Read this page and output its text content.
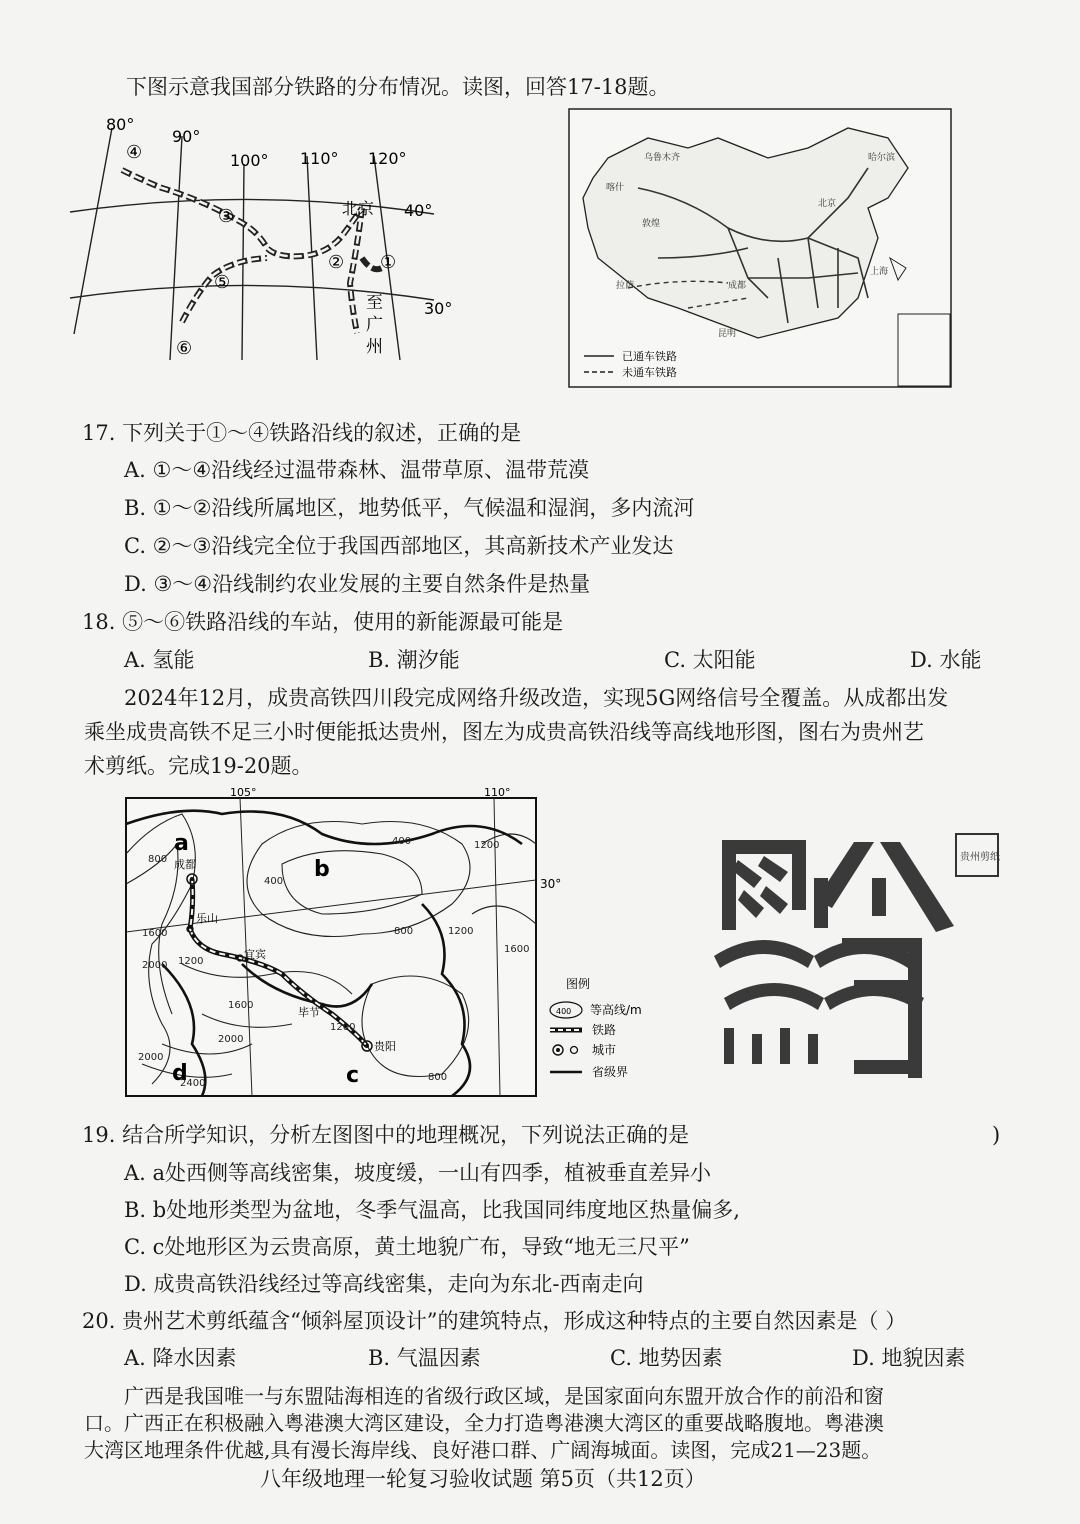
下图示意我国部分铁路的分布情况。读图，回答17-18题。
80°
90°
100° 110° 120°
40°
30°
北京
①
②
③
④
⑤
⑥
至
广
州
乌鲁木齐	哈尔滨
喀什
敦煌
拉萨
北京
上海
昆明
成都
已通车铁路
未通车铁路
17. 下列关于①～④铁路沿线的叙述，正确的是
A. ①～④沿线经过温带森林、温带草原、温带荒漠
B. ①～②沿线所属地区，地势低平，气候温和湿润，多内流河
C. ②～③沿线完全位于我国西部地区，其高新技术产业发达
D. ③～④沿线制约农业发展的主要自然条件是热量
18. ⑤～⑥铁路沿线的车站，使用的新能源最可能是
A. 氢能	B. 潮汐能	C. 太阳能	D. 水能
2024年12月，成贵高铁四川段完成网络升级改造，实现5G网络信号全覆盖。从成都出发
乘坐成贵高铁不足三小时便能抵达贵州，图左为成贵高铁沿线等高线地形图，图右为贵州艺
术剪纸。完成19-20题。
105°	110°
30°
成都
乐山
宜宾
毕节
贵阳
a
b
c
d
800
400
1200
400
800	1200
1600
1600
2000 1200
1600
2000
2000
2400
1200
800
图例
400 等高线/m
铁路
城市
省级界
贵州剪纸
19. 结合所学知识，分析左图图中的地理概况，下列说法正确的是	)
A. a处西侧等高线密集，坡度缓，一山有四季，植被垂直差异小
B. b处地形类型为盆地，冬季气温高，比我国同纬度地区热量偏多,
C. c处地形区为云贵高原，黄土地貌广布，导致“地无三尺平”
D. 成贵高铁沿线经过等高线密集，走向为东北-西南走向
20. 贵州艺术剪纸蕴含“倾斜屋顶设计”的建筑特点，形成这种特点的主要自然因素是（ ）
A. 降水因素	B. 气温因素	C. 地势因素	D. 地貌因素
广西是我国唯一与东盟陆海相连的省级行政区域，是国家面向东盟开放合作的前沿和窗
口。广西正在积极融入粤港澳大湾区建设，全力打造粤港澳大湾区的重要战略腹地。粤港澳
大湾区地理条件优越,具有漫长海岸线、良好港口群、广阔海城面。读图，完成21—23题。
八年级地理一轮复习验收试题 第5页（共12页）
